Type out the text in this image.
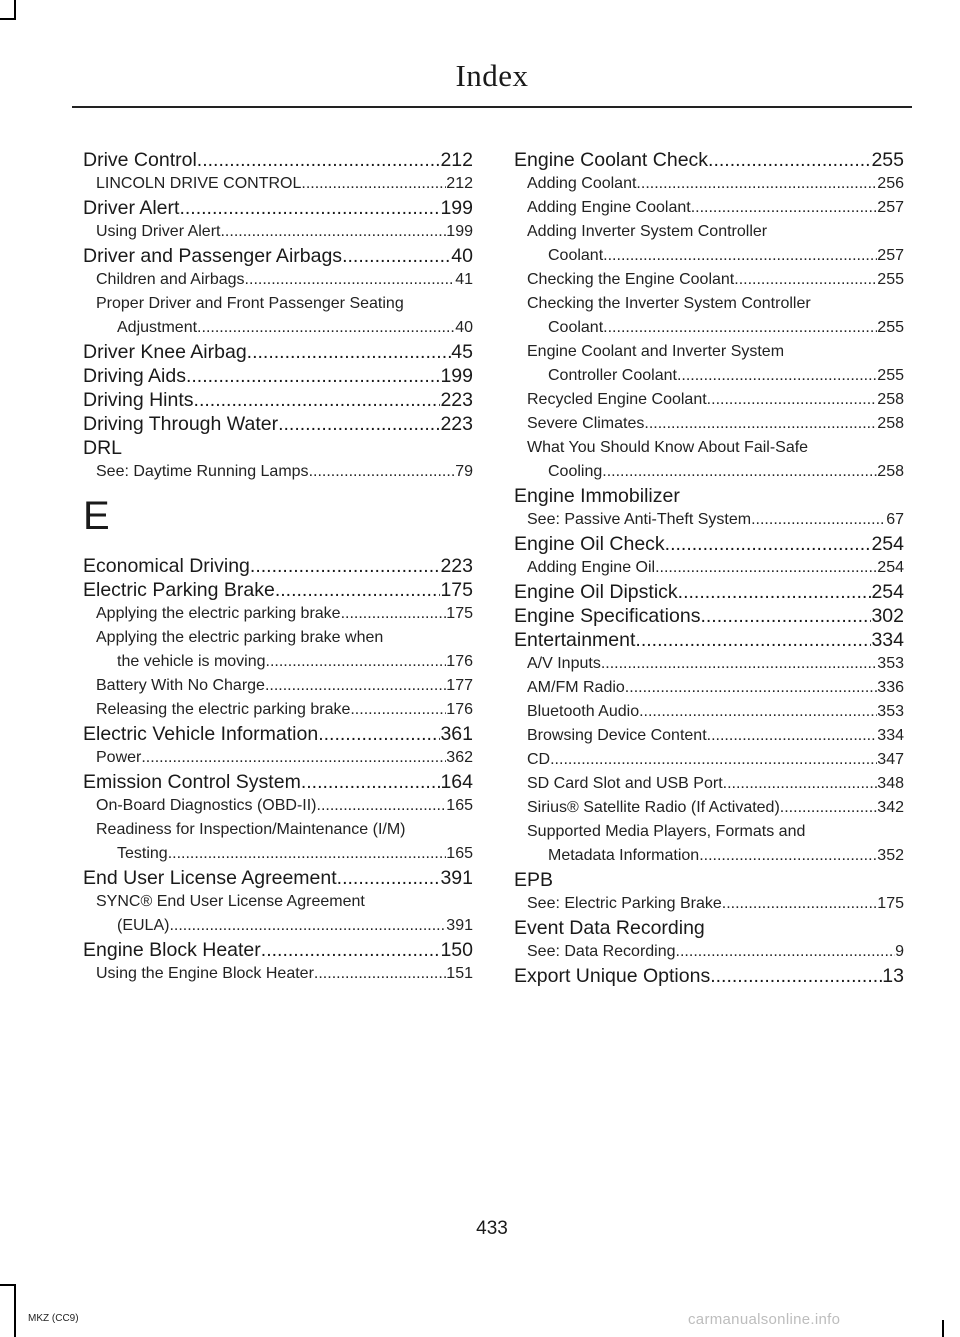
Index
Drive Control .....	212
LINCOLN DRIVE CONTROL .....	212
Driver Alert .....	199
Using Driver Alert .....	199
Driver and Passenger Airbags .....	40
Children and Airbags .....	41
Proper Driver and Front Passenger Seating
Adjustment .....	40
Driver Knee Airbag .....	45
Driving Aids .....	199
Driving Hints .....	223
Driving Through Water .....	223
DRL
See: Daytime Running Lamps .....	79
E
Economical Driving .....	223
Electric Parking Brake .....	175
Applying the electric parking brake .....	175
Applying the electric parking brake when
the vehicle is moving .....	176
Battery With No Charge .....	177
Releasing the electric parking brake .....	176
Electric Vehicle Information .....	361
Power .....	362
Emission Control System .....	164
On-Board Diagnostics (OBD-II) .....	165
Readiness for Inspection/Maintenance (I/M)
Testing .....	165
End User License Agreement .....	391
SYNC® End User License Agreement
(EULA) .....	391
Engine Block Heater .....	150
Using the Engine Block Heater .....	151
Engine Coolant Check .....	255
Adding Coolant .....	256
Adding Engine Coolant .....	257
Adding Inverter System Controller
Coolant .....	257
Checking the Engine Coolant .....	255
Checking the Inverter System Controller
Coolant .....	255
Engine Coolant and Inverter System
Controller Coolant .....	255
Recycled Engine Coolant .....	258
Severe Climates .....	258
What You Should Know About Fail-Safe
Cooling .....	258
Engine Immobilizer
See: Passive Anti-Theft System .....	67
Engine Oil Check .....	254
Adding Engine Oil .....	254
Engine Oil Dipstick .....	254
Engine Specifications .....	302
Entertainment .....	334
A/V Inputs .....	353
AM/FM Radio .....	336
Bluetooth Audio .....	353
Browsing Device Content .....	334
CD .....	347
SD Card Slot and USB Port .....	348
Sirius® Satellite Radio (If Activated) .....	342
Supported Media Players, Formats and
Metadata Information .....	352
EPB
See: Electric Parking Brake .....	175
Event Data Recording
See: Data Recording .....	9
Export Unique Options .....	13
433
MKZ (CC9)	carmanualsonline.info
